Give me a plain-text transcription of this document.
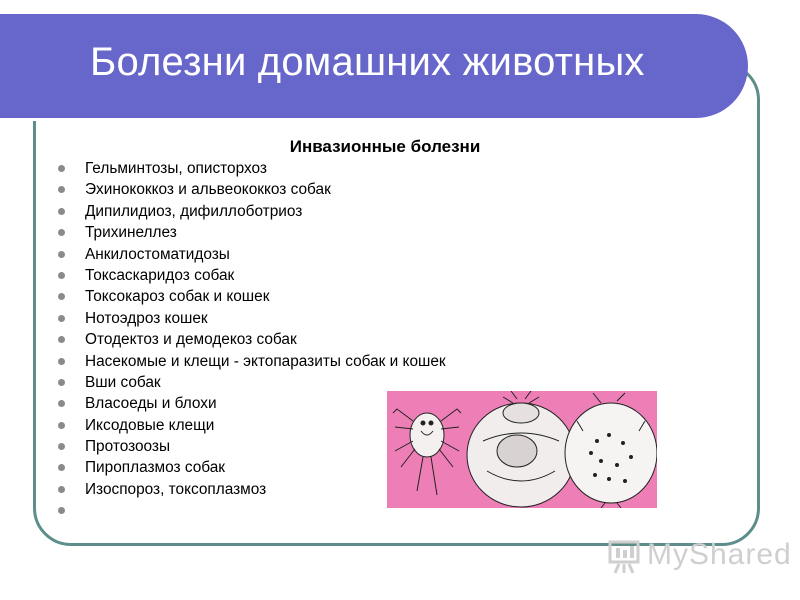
Болезни домашних животных
Инвазионные болезни
Гельминтозы, описторхоз
Эхинококкоз и альвеококкоз собак
Дипилидиоз, дифиллоботриоз
Трихинеллез
Анкилостоматидозы
Токсаскаридоз собак
Токсокароз собак и кошек
Нотоэдроз кошек
Отодектоз и демодекоз собак
Насекомые и клещи - эктопаразиты собак и кошек
Вши собак
Власоеды и блохи
Иксодовые клещи
Протозоозы
Пироплазмоз собак
Изоспороз, токсоплазмоз
MyShared
